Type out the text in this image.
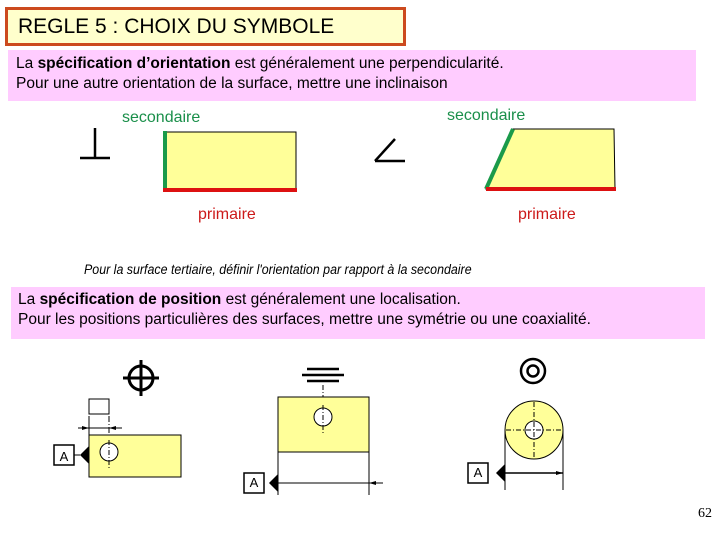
REGLE 5 : CHOIX DU SYMBOLE
La spécification d’orientation est généralement une perpendicularité.
Pour une autre orientation de la surface, mettre une inclinaison
secondaire
primaire
secondaire
primaire
Pour la surface tertiaire, définir l'orientation par rapport à la secondaire
La spécification de position est généralement une localisation.
Pour les positions particulières des surfaces, mettre une symétrie ou une coaxialité.
A
A
A
62
